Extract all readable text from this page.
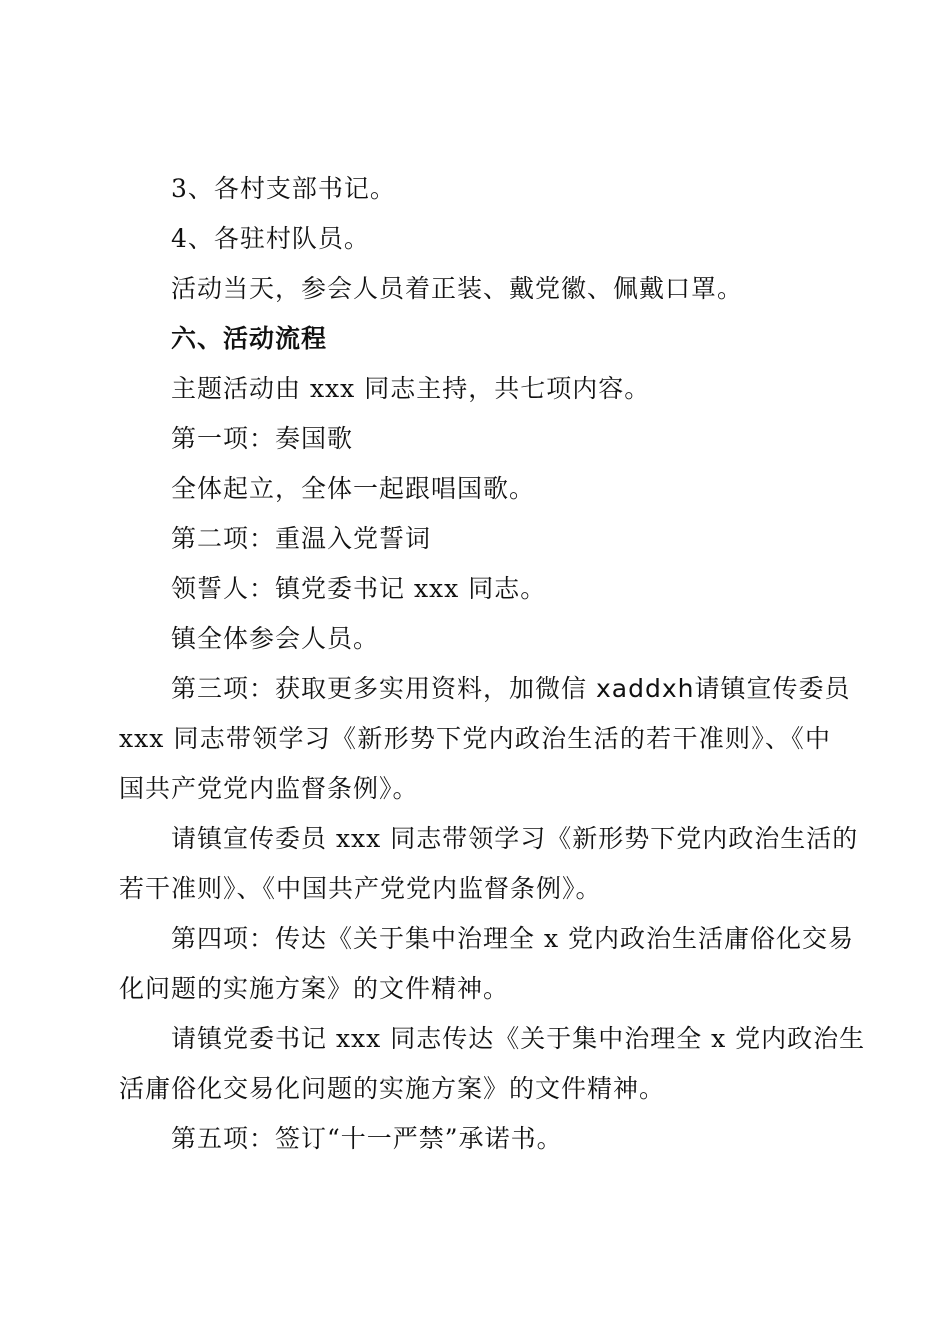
3、各村支部书记。
4、各驻村队员。
活动当天，参会人员着正装、戴党徽、佩戴口罩。
六、活动流程
主题活动由 xxx 同志主持，共七项内容。
第一项：奏国歌
全体起立，全体一起跟唱国歌。
第二项：重温入党誓词
领誓人：镇党委书记 xxx 同志。
镇全体参会人员。
第三项：获取更多实用资料，加微信 xaddxh请镇宣传委员
xxx 同志带领学习《新形势下党内政治生活的若干准则》、《中
国共产党党内监督条例》。
请镇宣传委员 xxx 同志带领学习《新形势下党内政治生活的
若干准则》、《中国共产党党内监督条例》。
第四项：传达《关于集中治理全 x 党内政治生活庸俗化交易
化问题的实施方案》的文件精神。
请镇党委书记 xxx 同志传达《关于集中治理全 x 党内政治生
活庸俗化交易化问题的实施方案》的文件精神。
第五项：签订“十一严禁”承诺书。
